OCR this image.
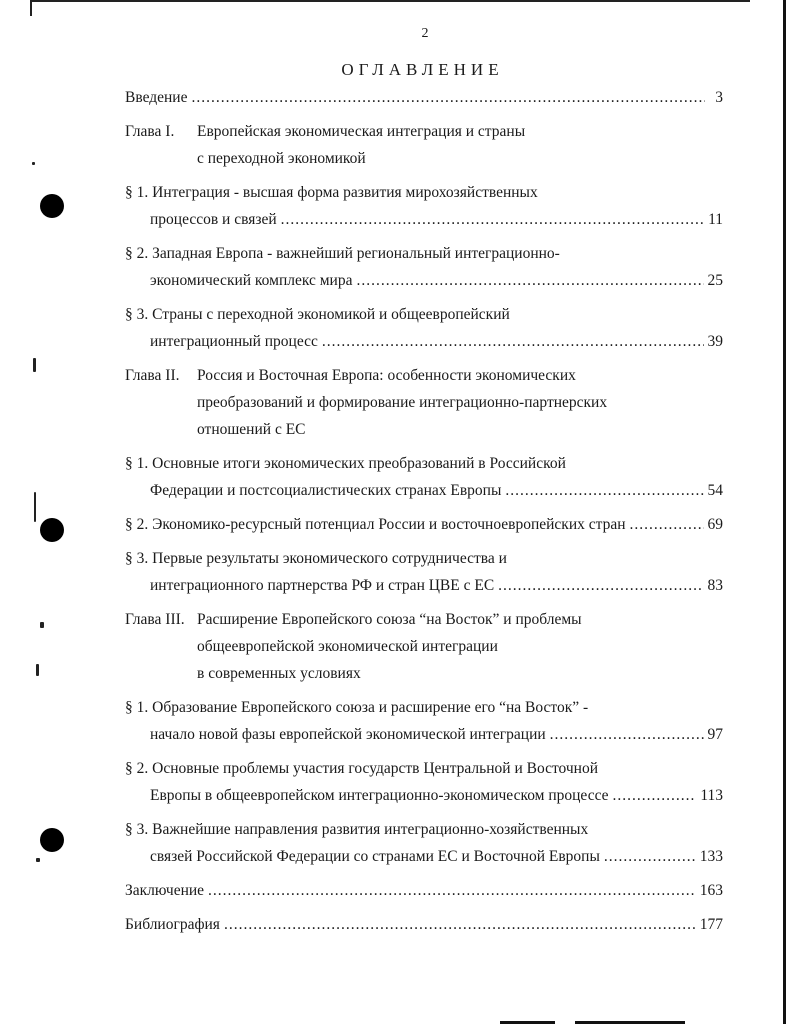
2
ОГЛАВЛЕНИЕ
Введение .....	3
Глава I.	Европейская экономическая интеграция и страны
с переходной экономикой
§ 1. Интеграция - высшая форма развития мирохозяйственных
процессов и связей .....	11
§ 2. Западная Европа - важнейший региональный интеграционно-
экономический комплекс мира .....	25
§ 3. Страны с переходной экономикой и общеевропейский
интеграционный процесс .....	39
Глава II.	Россия и Восточная Европа: особенности экономических
преобразований и формирование интеграционно-партнерских
отношений с ЕС
§ 1. Основные итоги экономических преобразований в Российской
Федерации и постсоциалистических странах Европы .....	54
§ 2. Экономико-ресурсный потенциал России и восточноевропейских стран .....	69
§ 3. Первые результаты экономического сотрудничества и
интеграционного партнерства РФ и стран ЦВЕ с ЕС .....	83
Глава III. Расширение Европейского союза “на Восток” и проблемы
общеевропейской экономической интеграции
в современных условиях
§ 1. Образование Европейского союза и расширение его “на Восток” -
начало новой фазы европейской экономической интеграции .....	97
§ 2. Основные проблемы участия государств Центральной и Восточной
Европы в общеевропейском интеграционно-экономическом процессе .....	113
§ 3. Важнейшие направления развития интеграционно-хозяйственных
связей Российской Федерации со странами ЕС и Восточной Европы .....	133
Заключение .....	163
Библиография .....	177
